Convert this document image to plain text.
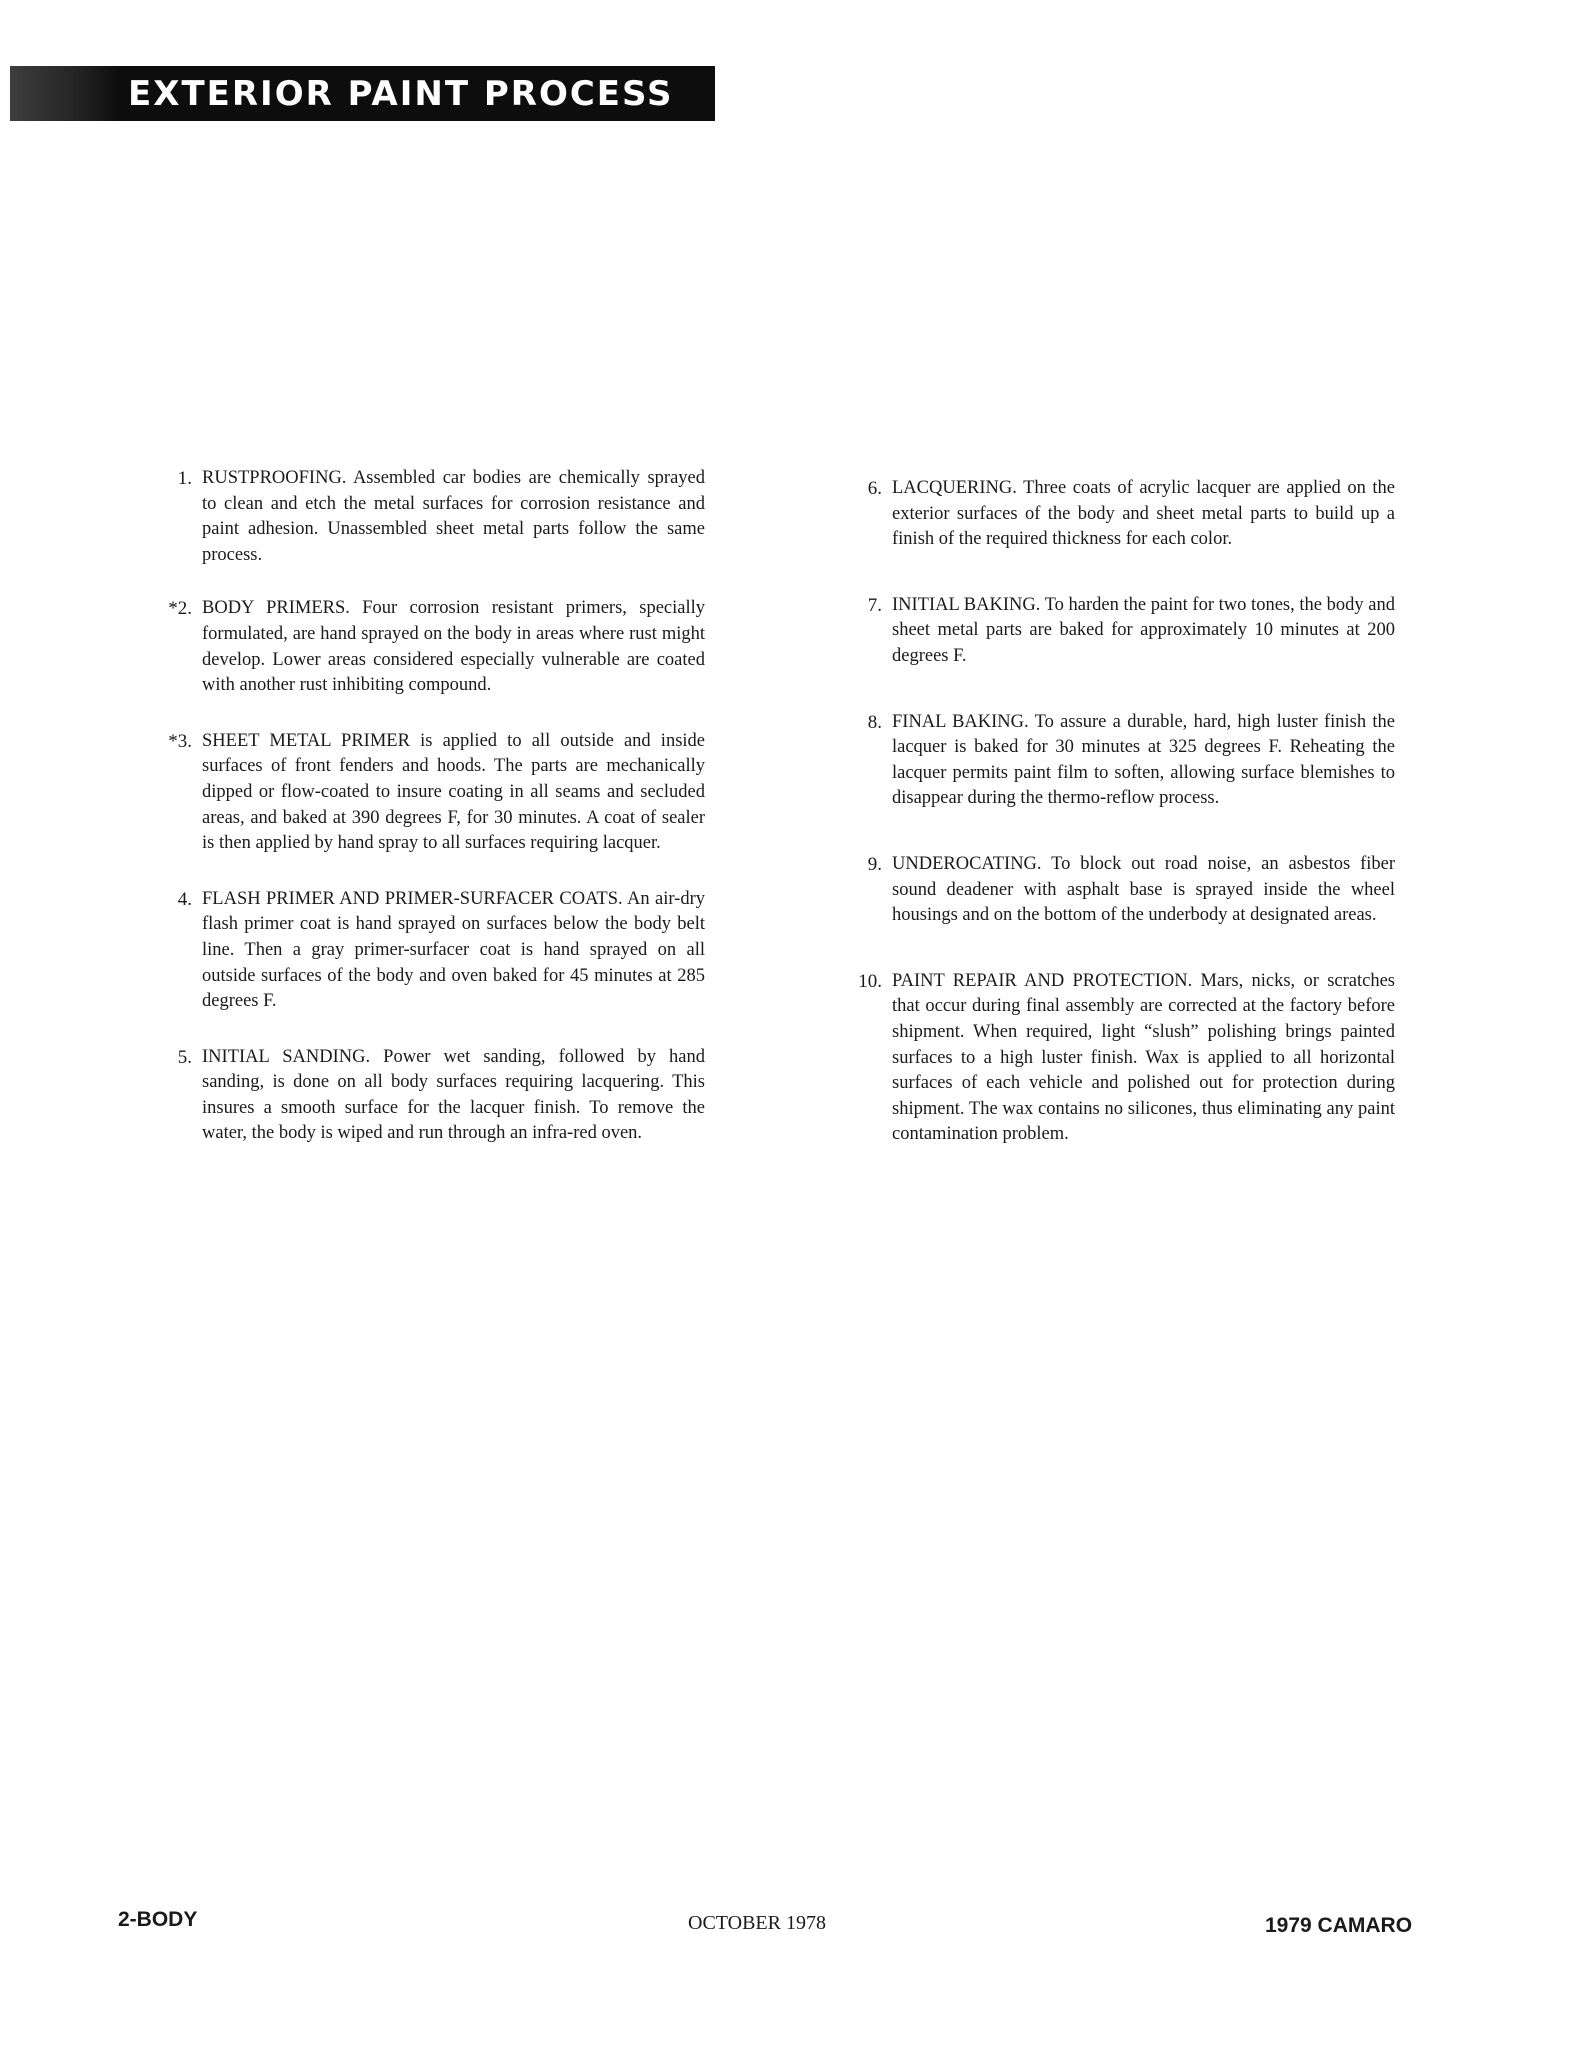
EXTERIOR PAINT PROCESS
1. RUSTPROOFING. Assembled car bodies are chemically sprayed to clean and etch the metal surfaces for corrosion resistance and paint adhesion. Unassembled sheet metal parts follow the same process.
*2. BODY PRIMERS. Four corrosion resistant primers, specially formulated, are hand sprayed on the body in areas where rust might develop. Lower areas considered especially vulnerable are coated with another rust inhibiting compound.
*3. SHEET METAL PRIMER is applied to all outside and inside surfaces of front fenders and hoods. The parts are mechanically dipped or flow-coated to insure coating in all seams and secluded areas, and baked at 390 degrees F, for 30 minutes. A coat of sealer is then applied by hand spray to all surfaces requiring lacquer.
4. FLASH PRIMER AND PRIMER-SURFACER COATS. An air-dry flash primer coat is hand sprayed on surfaces below the body belt line. Then a gray primer-surfacer coat is hand sprayed on all outside surfaces of the body and oven baked for 45 minutes at 285 degrees F.
5. INITIAL SANDING. Power wet sanding, followed by hand sanding, is done on all body surfaces requiring lacquering. This insures a smooth surface for the lacquer finish. To remove the water, the body is wiped and run through an infra-red oven.
6. LACQUERING. Three coats of acrylic lacquer are applied on the exterior surfaces of the body and sheet metal parts to build up a finish of the required thickness for each color.
7. INITIAL BAKING. To harden the paint for two tones, the body and sheet metal parts are baked for approximately 10 minutes at 200 degrees F.
8. FINAL BAKING. To assure a durable, hard, high luster finish the lacquer is baked for 30 minutes at 325 degrees F. Reheating the lacquer permits paint film to soften, allowing surface blemishes to disappear during the thermo-reflow process.
9. UNDEROCATING. To block out road noise, an asbestos fiber sound deadener with asphalt base is sprayed inside the wheel housings and on the bottom of the underbody at designated areas.
10. PAINT REPAIR AND PROTECTION. Mars, nicks, or scratches that occur during final assembly are corrected at the factory before shipment. When required, light “slush” polishing brings painted surfaces to a high luster finish. Wax is applied to all horizontal surfaces of each vehicle and polished out for protection during shipment. The wax contains no silicones, thus eliminating any paint contamination problem.
2-BODY	OCTOBER 1978	1979 CAMARO
